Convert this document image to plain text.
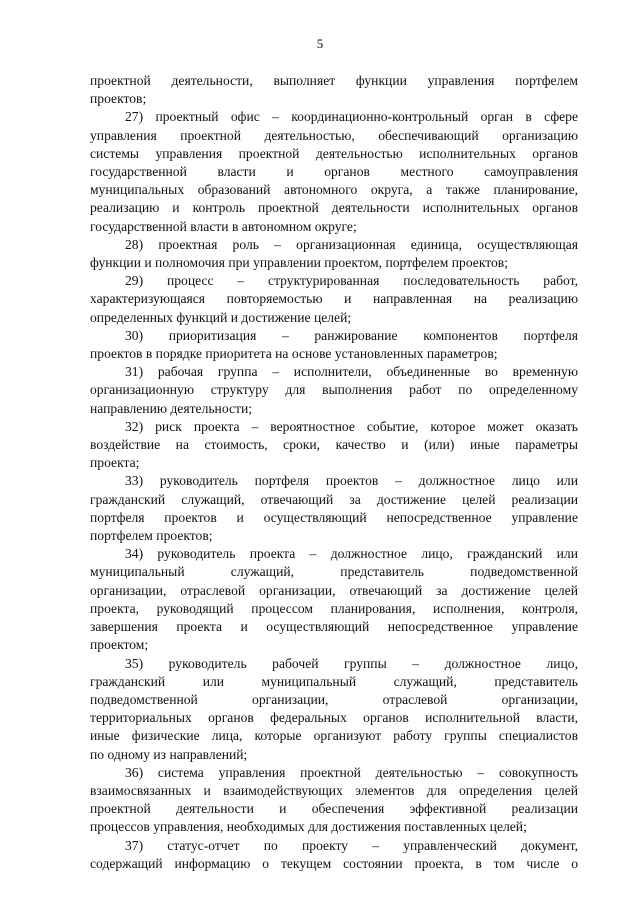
5
проектной деятельности, выполняет функции управления портфелем
проектов;
27) проектный офис – координационно-контрольный орган в сфере
управления проектной деятельностью, обеспечивающий организацию
системы управления проектной деятельностью исполнительных органов
государственной власти и органов местного самоуправления
муниципальных образований автономного округа, а также планирование,
реализацию и контроль проектной деятельности исполнительных органов
государственной власти в автономном округе;
28) проектная роль – организационная единица, осуществляющая
функции и полномочия при управлении проектом, портфелем проектов;
29) процесс – структурированная последовательность работ,
характеризующаяся повторяемостью и направленная на реализацию
определенных функций и достижение целей;
30) приоритизация – ранжирование компонентов портфеля
проектов в порядке приоритета на основе установленных параметров;
31) рабочая группа – исполнители, объединенные во временную
организационную структуру для выполнения работ по определенному
направлению деятельности;
32) риск проекта – вероятностное событие, которое может оказать
воздействие на стоимость, сроки, качество и (или) иные параметры
проекта;
33) руководитель портфеля проектов – должностное лицо или
гражданский служащий, отвечающий за достижение целей реализации
портфеля проектов и осуществляющий непосредственное управление
портфелем проектов;
34) руководитель проекта – должностное лицо, гражданский или
муниципальный служащий, представитель подведомственной
организации, отраслевой организации, отвечающий за достижение целей
проекта, руководящий процессом планирования, исполнения, контроля,
завершения проекта и осуществляющий непосредственное управление
проектом;
35) руководитель рабочей группы – должностное лицо,
гражданский или муниципальный служащий, представитель
подведомственной организации, отраслевой организации,
территориальных органов федеральных органов исполнительной власти,
иные физические лица, которые организуют работу группы специалистов
по одному из направлений;
36) система управления проектной деятельностью – совокупность
взаимосвязанных и взаимодействующих элементов для определения целей
проектной деятельности и обеспечения эффективной реализации
процессов управления, необходимых для достижения поставленных целей;
37) статус-отчет по проекту – управленческий документ,
содержащий информацию о текущем состоянии проекта, в том числе о
